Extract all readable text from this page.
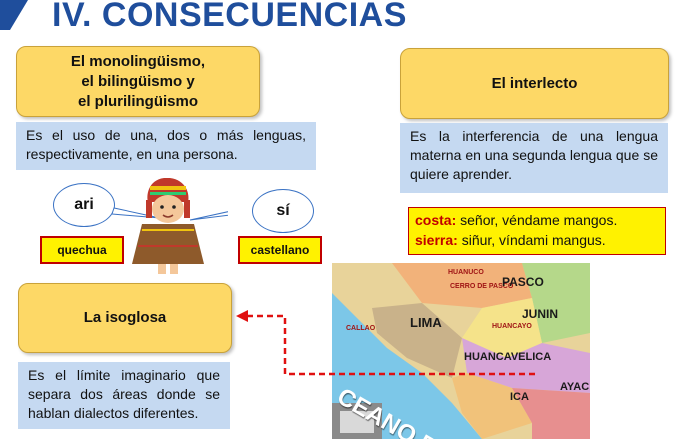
IV. CONSECUENCIAS
El monolingüismo,
el bilingüismo y
el plurilingüismo
Es el uso de una, dos o más lenguas, respectivamente, en una persona.
El interlecto
Es la interferencia de una lengua materna en una segunda lengua que se quiere aprender.
costa: señor, véndame mangos.
sierra: siñur, víndami mangus.
ari	sí
quechua	castellano
La isoglosa
Es el límite imaginario que separa dos áreas donde se hablan dialectos diferentes.
CERRO DE PASCO
PASCO
HUANUCO
JUNIN
LIMA
CALLAO	HUANCAYO
HUANCAVELICA
ICA
AYAC
